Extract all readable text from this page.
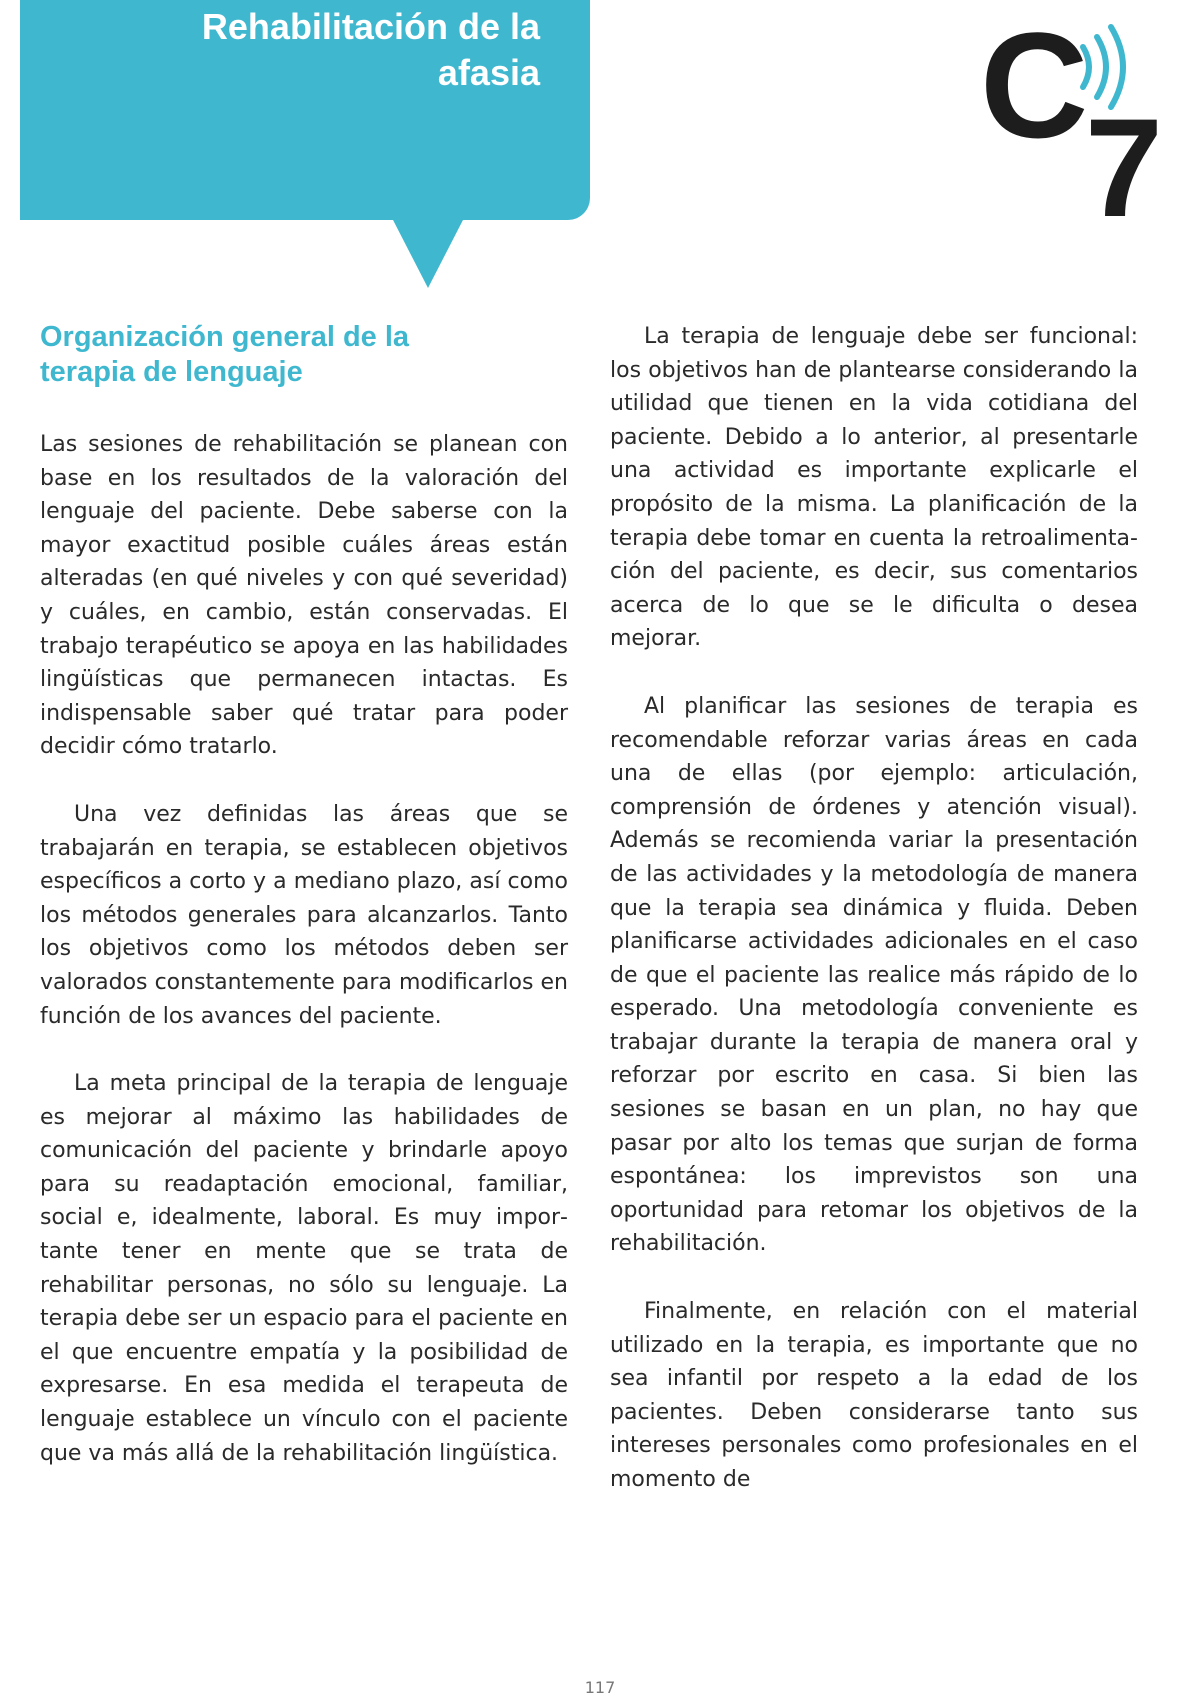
Rehabilitación de la
afasia	C
7
Organización general de la
terapia de lenguaje

Las sesiones de rehabilitación se planean con base en los resultados de la valoración del lenguaje del paciente. Debe saberse con la mayor exactitud posible cuáles áreas están alteradas (en qué niveles y con qué severidad) y cuáles, en cambio, están conservadas. El trabajo terapéutico se apoya en las habilidades lingüísticas que permanecen intactas. Es indispensable saber qué tratar para poder decidir cómo tratarlo.

Una vez definidas las áreas que se trabajarán en terapia, se establecen objetivos específicos a corto y a mediano plazo, así como los métodos generales para alcanzarlos. Tanto los objetivos como los métodos deben ser valorados constantemente para modificarlos en función de los avances del paciente.

La meta principal de la terapia de lenguaje es mejorar al máximo las habilidades de comunicación del paciente y brindarle apoyo para su readaptación emocional, familiar, social e, idealmente, laboral. Es muy importante tener en mente que se trata de rehabilitar personas, no sólo su lenguaje. La terapia debe ser un espacio para el paciente en el que encuentre empatía y la posibilidad de expresarse. En esa medida el terapeuta de lenguaje establece un vínculo con el paciente que va más allá de la rehabilitación lingüística.

La terapia de lenguaje debe ser funcional: los objetivos han de plantearse considerando la utilidad que tienen en la vida cotidiana del paciente. Debido a lo anterior, al presentarle una actividad es importante explicarle el propósito de la misma. La planificación de la terapia debe tomar en cuenta la retroalimentación del paciente, es decir, sus comentarios acerca de lo que se le dificulta o desea mejorar.

Al planificar las sesiones de terapia es recomendable reforzar varias áreas en cada una de ellas (por ejemplo: articulación, comprensión de órdenes y atención visual). Además se recomienda variar la presentación de las actividades y la metodología de manera que la terapia sea dinámica y fluida. Deben planificarse actividades adicionales en el caso de que el paciente las realice más rápido de lo esperado. Una metodología conveniente es trabajar durante la terapia de manera oral y reforzar por escrito en casa. Si bien las sesiones se basan en un plan, no hay que pasar por alto los temas que surjan de forma espontánea: los imprevistos son una oportunidad para retomar los objetivos de la rehabilitación.

Finalmente, en relación con el material utilizado en la terapia, es importante que no sea infantil por respeto a la edad de los pacientes. Deben considerarse tanto sus intereses personales como profesionales en el momento de

117
